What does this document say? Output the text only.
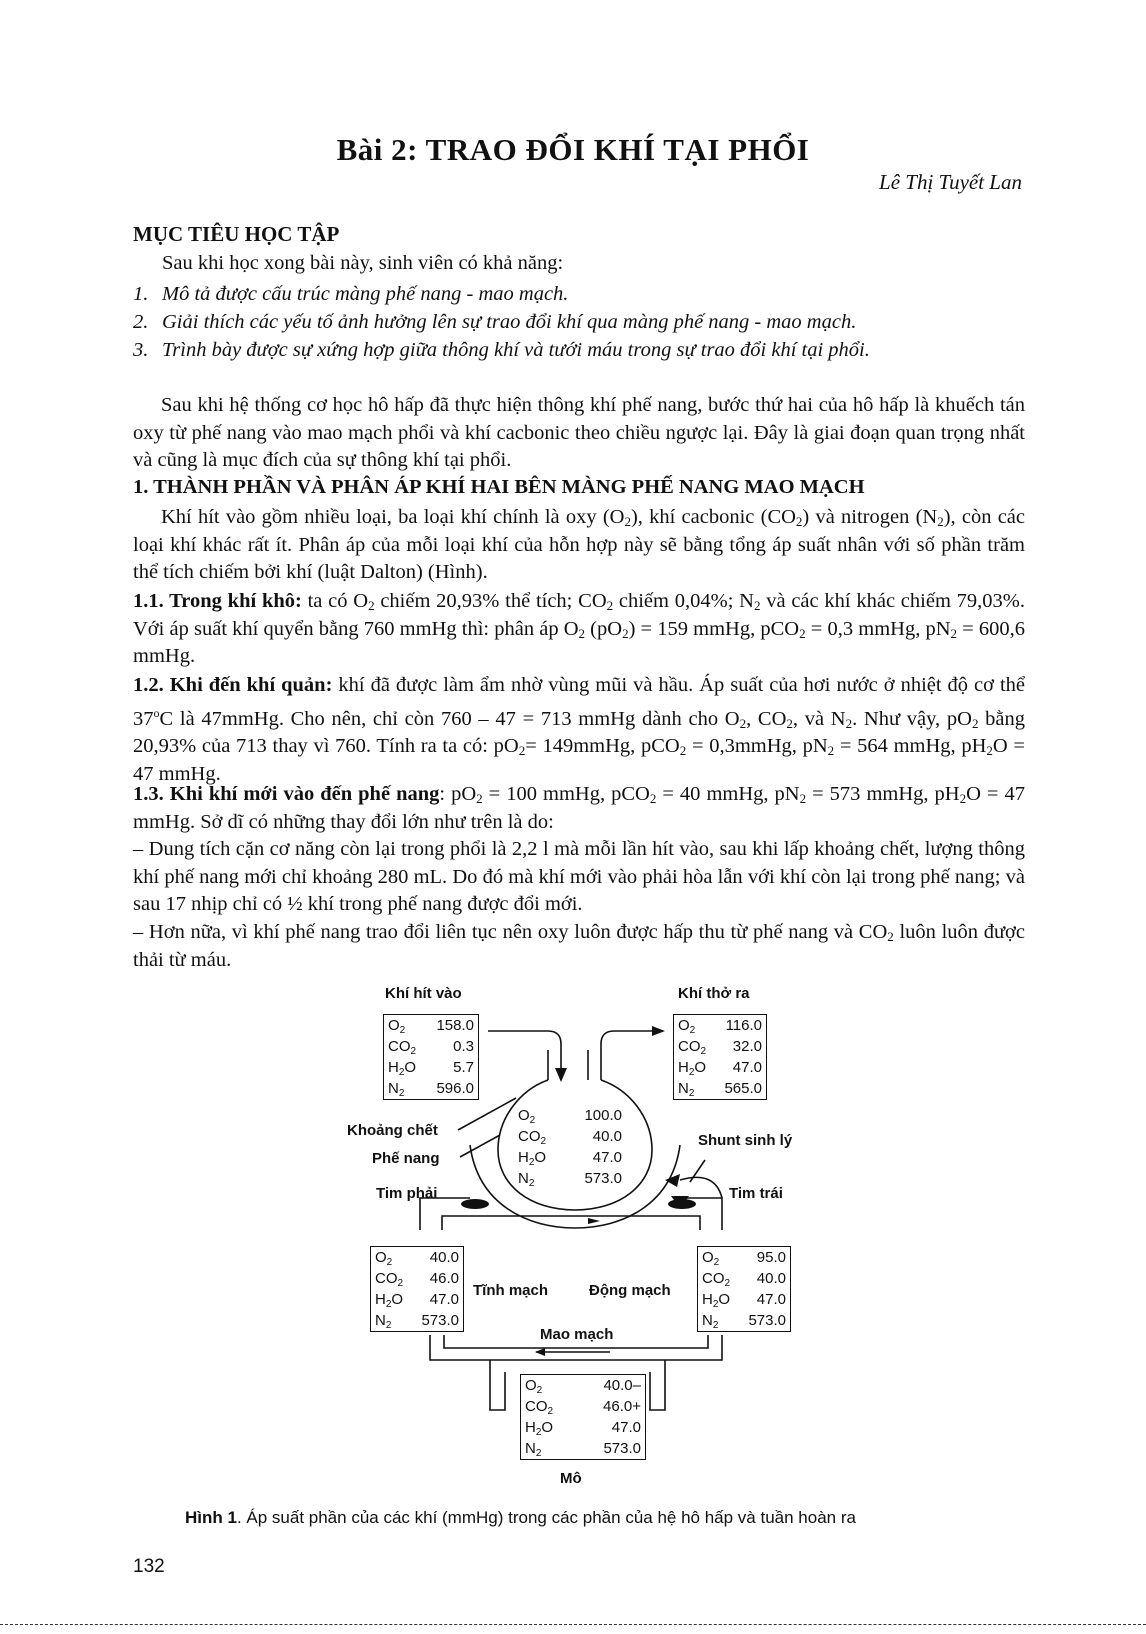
Bài 2: TRAO ĐỔI KHÍ TẠI PHỔI
Lê Thị Tuyết Lan
MỤC TIÊU HỌC TẬP
Sau khi học xong bài này, sinh viên có khả năng:
1. Mô tả được cấu trúc màng phế nang - mao mạch.
2. Giải thích các yếu tố ảnh hưởng lên sự trao đổi khí qua màng phế nang - mao mạch.
3. Trình bày được sự xứng hợp giữa thông khí và tưới máu trong sự trao đổi khí tại phổi.
Sau khi hệ thống cơ học hô hấp đã thực hiện thông khí phế nang, bước thứ hai của hô hấp là khuếch tán oxy từ phế nang vào mao mạch phổi và khí cacbonic theo chiều ngược lại. Đây là giai đoạn quan trọng nhất và cũng là mục đích của sự thông khí tại phổi.
1. THÀNH PHẦN VÀ PHÂN ÁP KHÍ HAI BÊN MÀNG PHẾ NANG MAO MẠCH
Khí hít vào gồm nhiều loại, ba loại khí chính là oxy $(O_2)$, khí cacbonic $(CO_2)$ và nitrogen $(N_2)$, còn các loại khí khác rất ít. Phân áp của mỗi loại khí của hỗn hợp này sẽ bằng tổng áp suất nhân với số phần trăm thể tích chiếm bởi khí (luật Dalton) (Hình).
1.1. Trong khí khô: ta có $O_2$ chiếm 20,93% thể tích; $CO_2$ chiếm 0,04%; $N_2$ và các khí khác chiếm 79,03%. Với áp suất khí quyển bằng 760 mmHg thì: phân áp $O_2$ $(pO_2) = 159$ mmHg, pCO$_2$ = 0,3 mmHg, $pN_2 = 600,6$ mmHg.
1.2. Khi đến khí quản: khí đã được làm ẩm nhờ vùng mũi và hầu. Áp suất của hơi nước ở nhiệt độ cơ thể 37$^o$C là 47mmHg. Cho nên, chỉ còn 760 – 47 = 713 mmHg dành cho $O_2$, $CO_2$, và $N_2$. Như vậy, $pO_2$ bằng 20,93% của 713 thay vì 760. Tính ra ta có: $pO_2=$ 149mmHg, pCO$_2$ = 0,3mmHg, $pN_2 = 564$ mmHg, $pH_2O = 47$ mmHg.
1.3. Khi khí mới vào đến phế nang: $pO_2 = 100$ mmHg, pCO$_2$ = 40 mmHg, $pN_2 = 573$ mmHg, $pH_2O = 47$ mmHg. Sở dĩ có những thay đổi lớn như trên là do:
– Dung tích cặn cơ năng còn lại trong phổi là 2,2 l mà mỗi lần hít vào, sau khi lấp khoảng chết, lượng thông khí phế nang mới chỉ khoảng 280 mL. Do đó mà khí mới vào phải hòa lẫn với khí còn lại trong phế nang; và sau 17 nhịp chỉ có ½ khí trong phế nang được đổi mới.
– Hơn nữa, vì khí phế nang trao đổi liên tục nên oxy luôn được hấp thu từ phế nang và $CO_2$ luôn luôn được thải từ máu.
Khí hít vào	Khí thở ra
Khoảng chết
Phế nang
Tim phải	Tim trái
Shunt sinh lý
Tĩnh mạch	Động mạch
Mao mạch
Mô
$O_2$ 158.0
$CO_2$ 0.3
$H_2O$ 5.7
$N_2$ 596.0
$O_2$ 116.0
$CO_2$ 32.0
$H_2O$ 47.0
$N_2$ 565.0
$O_2$	100.0
$CO_2$	40.0
$H_2O$	47.0
$N_2$	573.0
$O_2$	40.0
$CO_2$ 46.0
$H_2O$ 47.0
$N_2$ 573.0
$O_2$	95.0
$CO_2$ 40.0
$H_2O$ 47.0
$N_2$ 573.0
$O_2$	40.0–
$CO_2$	46.0+
$H_2O$	47.0
$N_2$	573.0
Hình 1. Áp suất phần của các khí (mmHg) trong các phần của hệ hô hấp và tuần hoàn ra
132
